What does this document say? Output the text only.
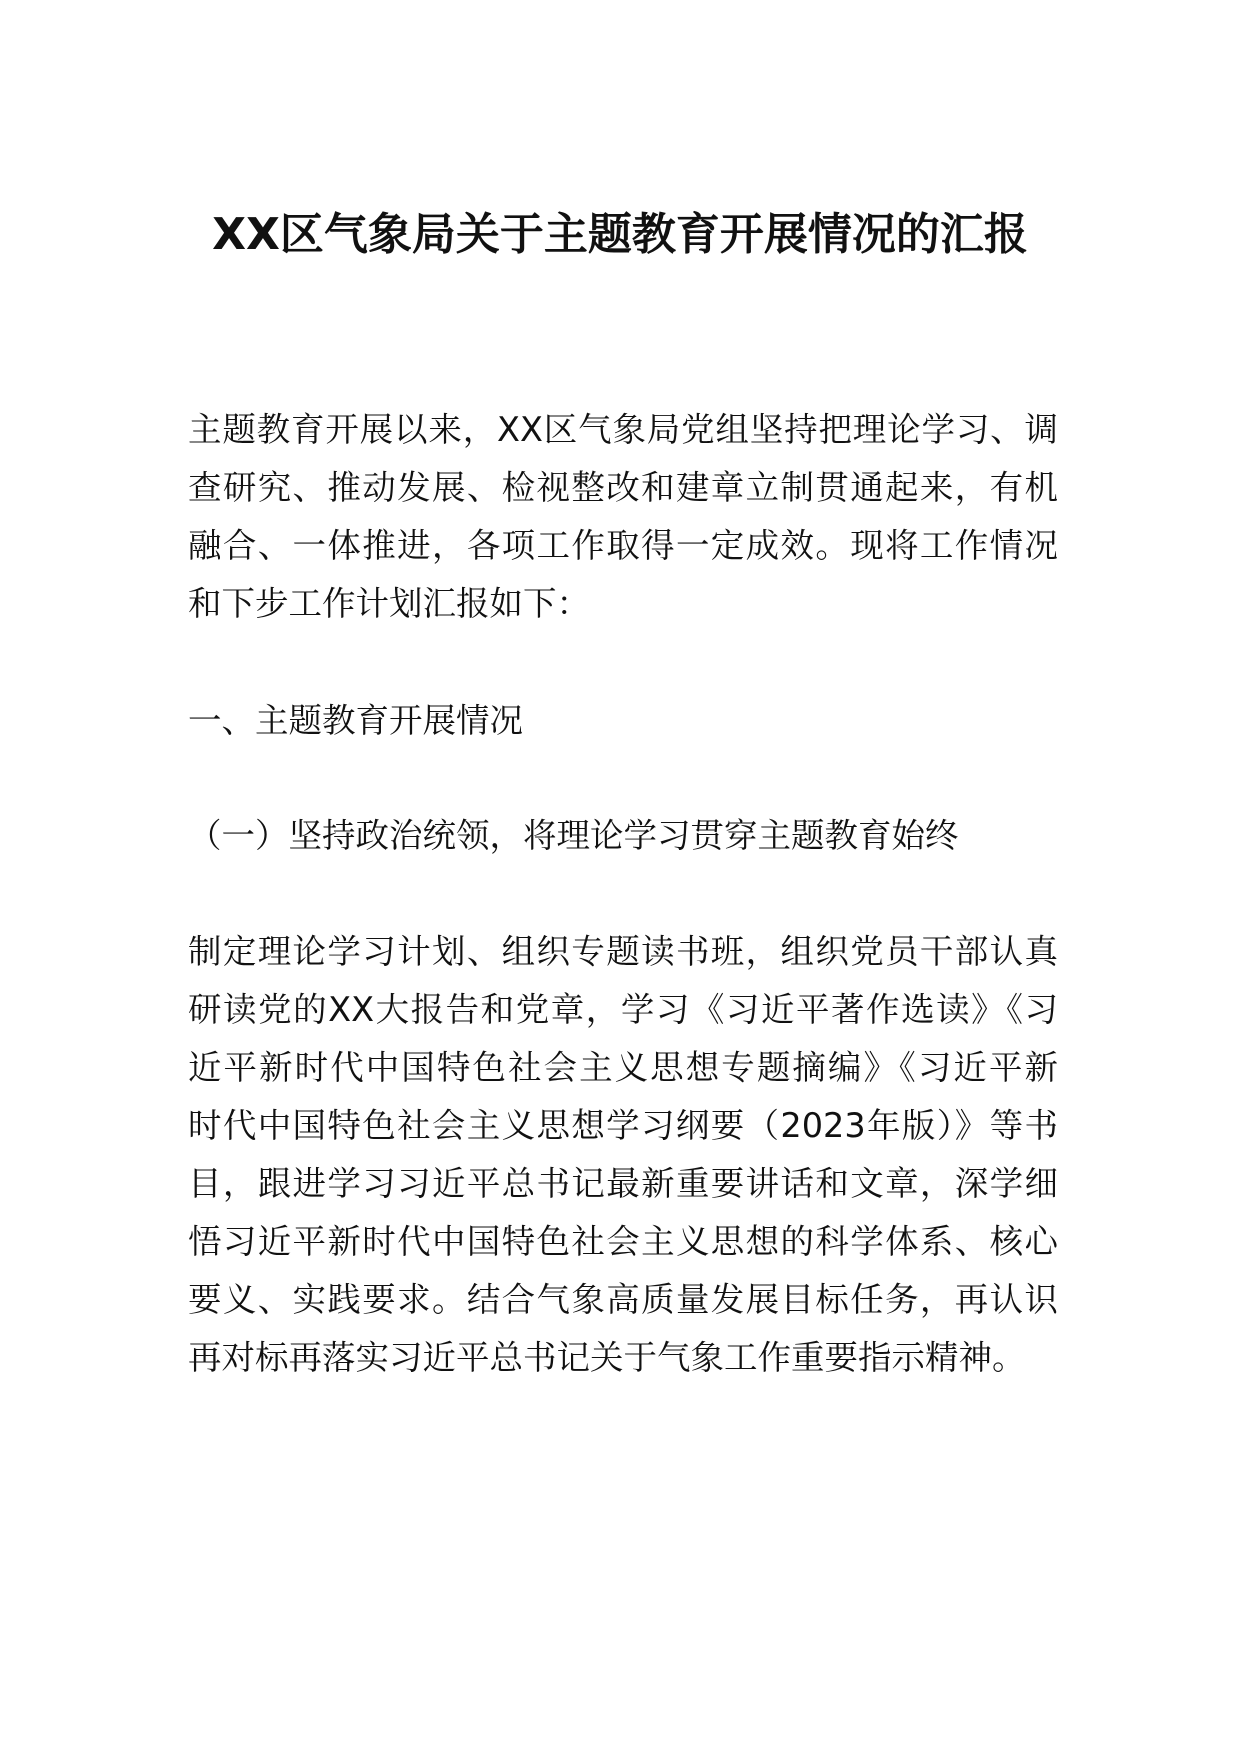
XX区气象局关于主题教育开展情况的汇报
主题教育开展以来，XX区气象局党组坚持把理论学习、调
查研究、推动发展、检视整改和建章立制贯通起来，有机
融合、一体推进，各项工作取得一定成效。现将工作情况
和下步工作计划汇报如下：
一、主题教育开展情况
（一）坚持政治统领，将理论学习贯穿主题教育始终
制定理论学习计划、组织专题读书班，组织党员干部认真
研读党的XX大报告和党章，学习《习近平著作选读》《习
近平新时代中国特色社会主义思想专题摘编》《习近平新
时代中国特色社会主义思想学习纲要（2023年版）》等书
目，跟进学习习近平总书记最新重要讲话和文章，深学细
悟习近平新时代中国特色社会主义思想的科学体系、核心
要义、实践要求。结合气象高质量发展目标任务，再认识
再对标再落实习近平总书记关于气象工作重要指示精神。
